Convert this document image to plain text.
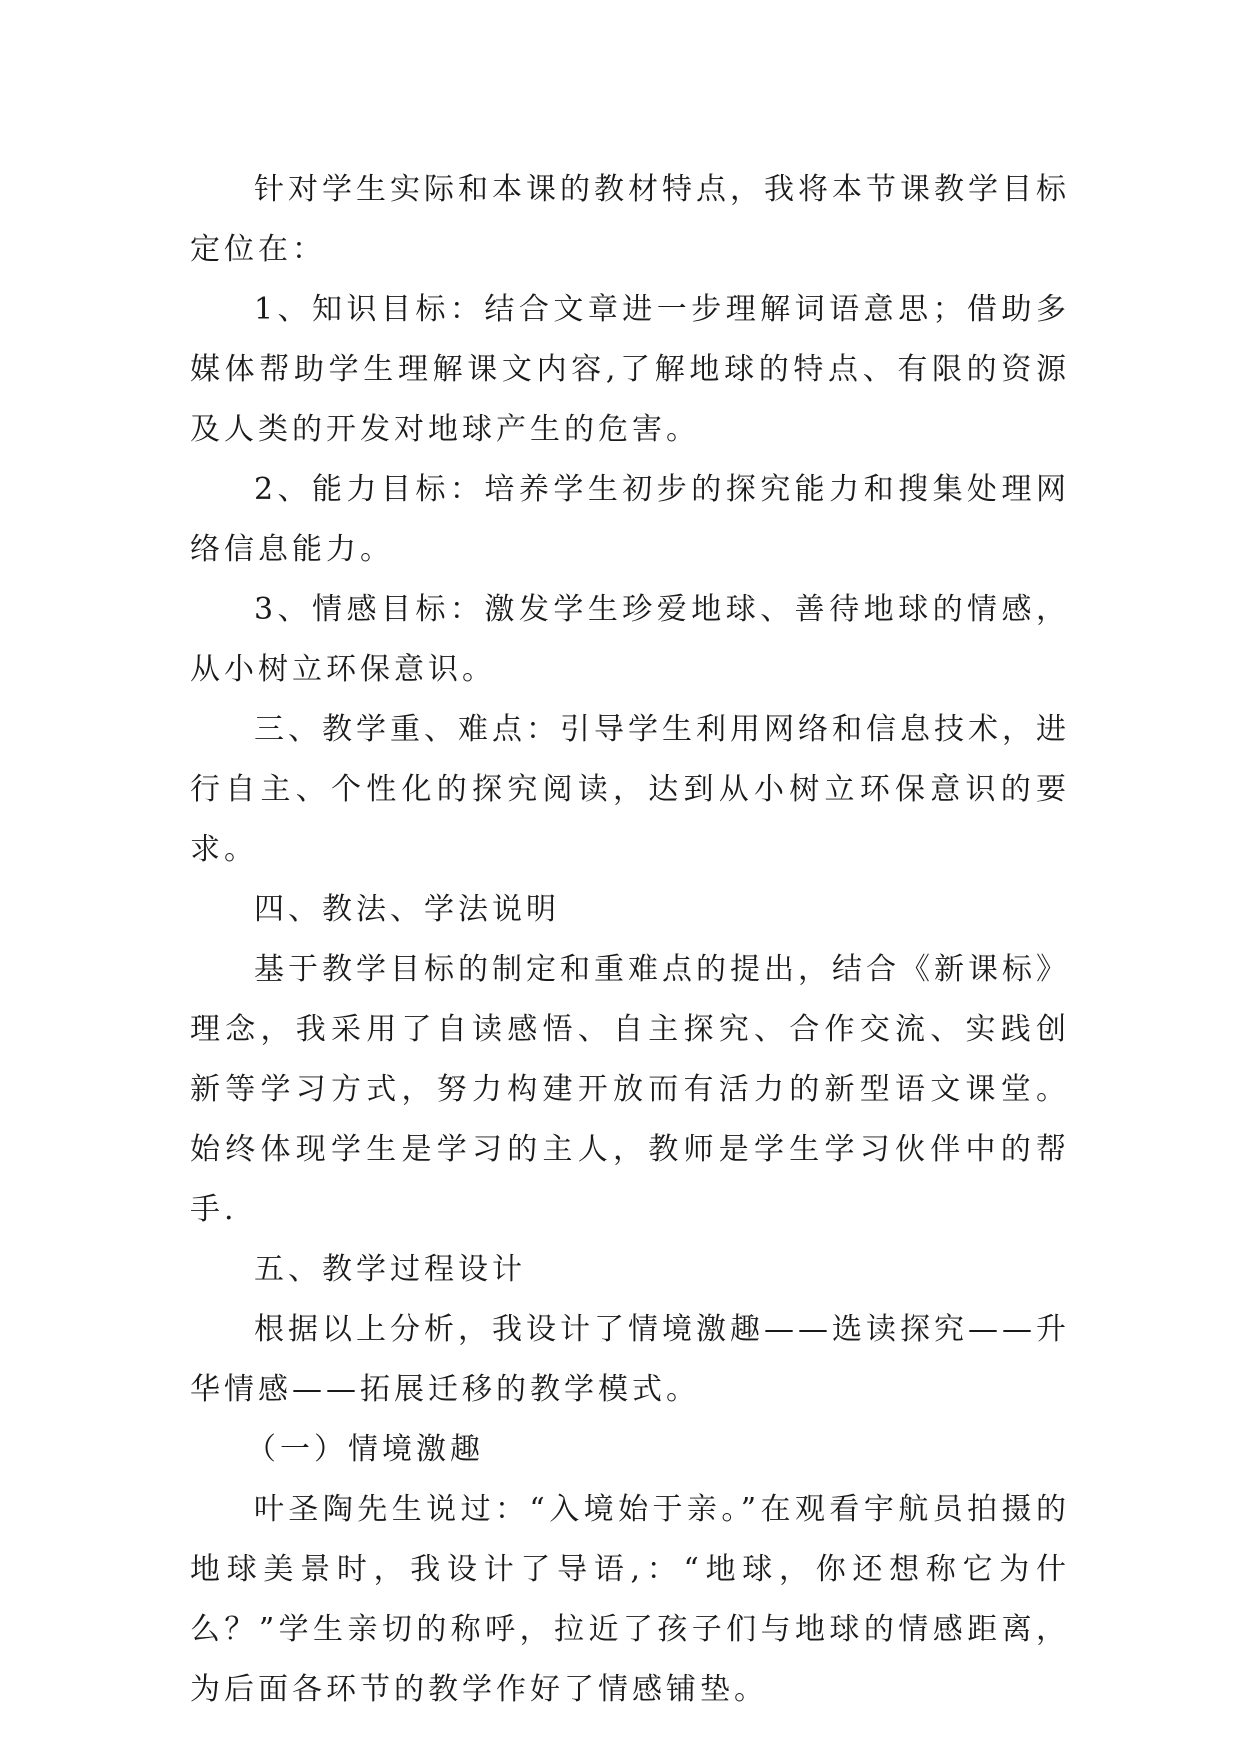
针对学生实际和本课的教材特点，我将本节课教学目标定位在：

1、知识目标：结合文章进一步理解词语意思；借助多媒体帮助学生理解课文内容,了解地球的特点、有限的资源及人类的开发对地球产生的危害。

2、能力目标：培养学生初步的探究能力和搜集处理网络信息能力。

3、情感目标：激发学生珍爱地球、善待地球的情感，从小树立环保意识。

三、教学重、难点：引导学生利用网络和信息技术，进行自主、个性化的探究阅读，达到从小树立环保意识的要求。

四、教法、学法说明

基于教学目标的制定和重难点的提出，结合《新课标》理念，我采用了自读感悟、自主探究、合作交流、实践创新等学习方式，努力构建开放而有活力的新型语文课堂。始终体现学生是学习的主人，教师是学生学习伙伴中的帮手.

五、教学过程设计

根据以上分析，我设计了情境激趣——选读探究——升华情感——拓展迁移的教学模式。

（一）情境激趣

叶圣陶先生说过：“入境始于亲。”在观看宇航员拍摄的地球美景时，我设计了导语,：“地球，你还想称它为什么？”学生亲切的称呼，拉近了孩子们与地球的情感距离，为后面各环节的教学作好了情感铺垫。
